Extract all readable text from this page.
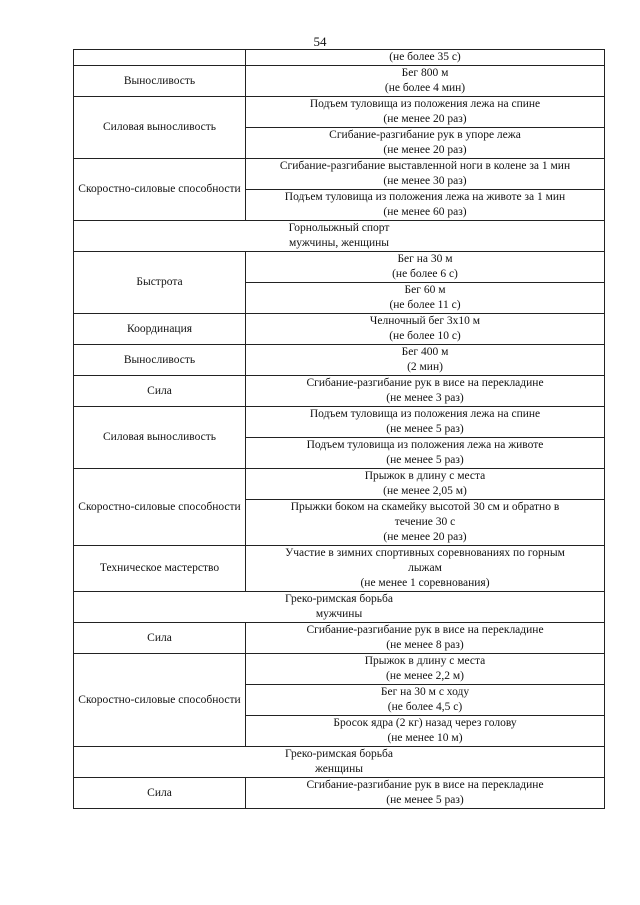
54

	(не более 35 с)

Выносливость	Бег 800 м
(не более 4 мин)

Силовая выносливость	Подъем туловища из положения лежа на спине
(не менее 20 раз)

	Сгибание-разгибание рук в упоре лежа
(не менее 20 раз)

Скоростно-силовые способности	Сгибание-разгибание выставленной ноги в колене за 1 мин
(не менее 30 раз)

	Подъем туловища из положения лежа на животе за 1 мин
(не менее 60 раз)

Горнолыжный спорт
мужчины, женщины	

Быстрота	Бег на 30 м
(не более 6 с)

	Бег 60 м
(не более 11 с)

Координация	Челночный бег 3х10 м
(не более 10 с)

Выносливость	Бег 400 м
(2 мин)

Сила	Сгибание-разгибание рук в висе на перекладине
(не менее 3 раз)

Силовая выносливость	Подъем туловища из положения лежа на спине
(не менее 5 раз)

	Подъем туловища из положения лежа на животе
(не менее 5 раз)

Скоростно-силовые способности	Прыжок в длину с места
(не менее 2,05 м)

	Прыжки боком на скамейку высотой 30 см и обратно в
течение 30 с
(не менее 20 раз)

Техническое мастерство	Участие в зимних спортивных соревнованиях по горным
лыжам
(не менее 1 соревнования)

Греко-римская борьба
мужчины	

Сила	Сгибание-разгибание рук в висе на перекладине
(не менее 8 раз)

Скоростно-силовые способности	Прыжок в длину с места
(не менее 2,2 м)

	Бег на 30 м с ходу
(не более 4,5 с)

	Бросок ядра (2 кг) назад через голову
(не менее 10 м)

Греко-римская борьба
женщины	

Сила	Сгибание-разгибание рук в висе на перекладине
(не менее 5 раз)
